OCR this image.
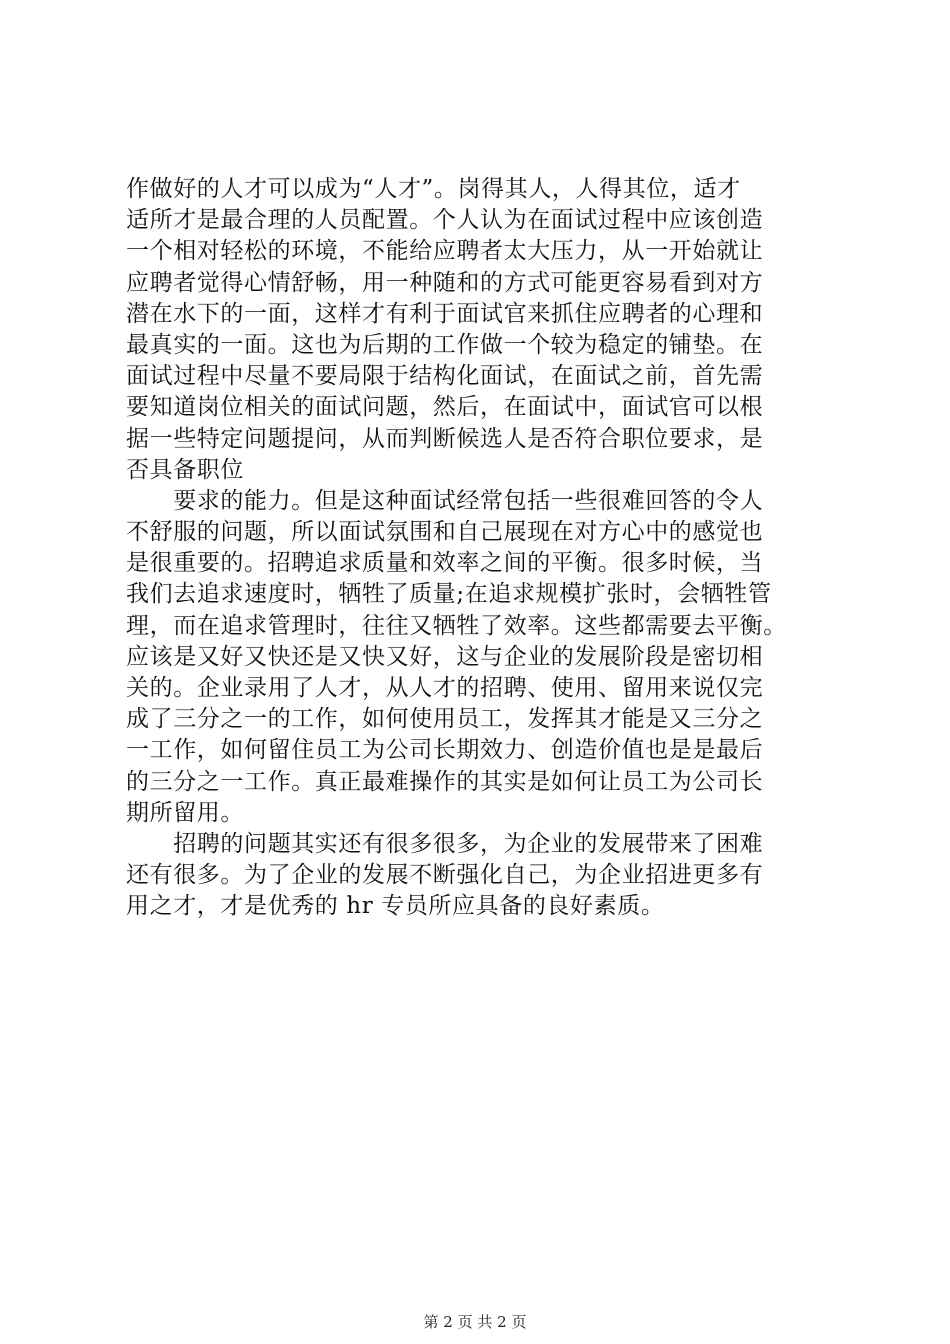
作做好的人才可以成为“人才”。岗得其人，人得其位，适才
适所才是最合理的人员配置。个人认为在面试过程中应该创造
一个相对轻松的环境，不能给应聘者太大压力，从一开始就让
应聘者觉得心情舒畅，用一种随和的方式可能更容易看到对方
潜在水下的一面，这样才有利于面试官来抓住应聘者的心理和
最真实的一面。这也为后期的工作做一个较为稳定的铺垫。在
面试过程中尽量不要局限于结构化面试，在面试之前，首先需
要知道岗位相关的面试问题，然后，在面试中，面试官可以根
据一些特定问题提问，从而判断候选人是否符合职位要求，是
否具备职位
　　要求的能力。但是这种面试经常包括一些很难回答的令人
不舒服的问题，所以面试氛围和自己展现在对方心中的感觉也
是很重要的。招聘追求质量和效率之间的平衡。很多时候，当
我们去追求速度时，牺牲了质量;在追求规模扩张时，会牺牲管
理，而在追求管理时，往往又牺牲了效率。这些都需要去平衡。
应该是又好又快还是又快又好，这与企业的发展阶段是密切相
关的。企业录用了人才，从人才的招聘、使用、留用来说仅完
成了三分之一的工作，如何使用员工，发挥其才能是又三分之
一工作，如何留住员工为公司长期效力、创造价值也是是最后
的三分之一工作。真正最难操作的其实是如何让员工为公司长
期所留用。
　　招聘的问题其实还有很多很多，为企业的发展带来了困难
还有很多。为了企业的发展不断强化自己，为企业招进更多有
用之才，才是优秀的 hr 专员所应具备的良好素质。
第 2 页 共 2 页
